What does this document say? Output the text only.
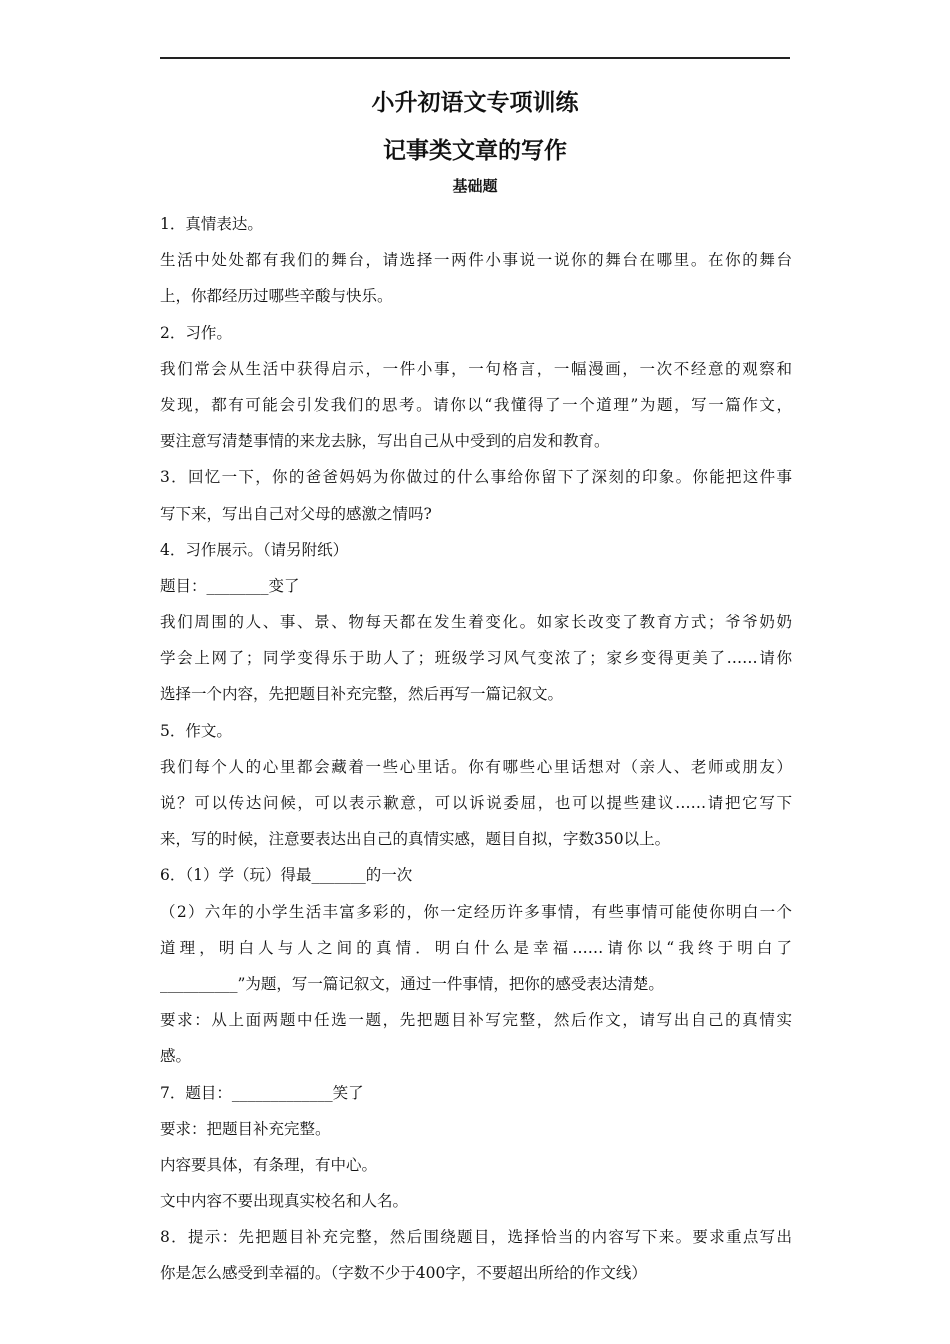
小升初语文专项训练
记事类文章的写作
基础题
1．真情表达。
生活中处处都有我们的舞台，请选择一两件小事说一说你的舞台在哪里。在你的舞台
上，你都经历过哪些辛酸与快乐。
2．习作。
我们常会从生活中获得启示，一件小事，一句格言，一幅漫画，一次不经意的观察和
发现，都有可能会引发我们的思考。请你以“我懂得了一个道理”为题，写一篇作文，
要注意写清楚事情的来龙去脉，写出自己从中受到的启发和教育。
3．回忆一下，你的爸爸妈妈为你做过的什么事给你留下了深刻的印象。你能把这件事
写下来，写出自己对父母的感激之情吗?
4．习作展示。（请另附纸）
题目：________变了
我们周围的人、事、景、物每天都在发生着变化。如家长改变了教育方式；爷爷奶奶
学会上网了；同学变得乐于助人了；班级学习风气变浓了；家乡变得更美了……请你
选择一个内容，先把题目补充完整，然后再写一篇记叙文。
5．作文。
我们每个人的心里都会藏着一些心里话。你有哪些心里话想对（亲人、老师或朋友）
说？可以传达问候，可以表示歉意，可以诉说委屈，也可以提些建议……请把它写下
来，写的时候，注意要表达出自己的真情实感，题目自拟，字数350以上。
6．（1）学（玩）得最_______的一次
（2）六年的小学生活丰富多彩的，你一定经历许多事情，有些事情可能使你明白一个
道理，明白人与人之间的真情．明白什么是幸福……请你以“我终于明白了
__________”为题，写一篇记叙文，通过一件事情，把你的感受表达清楚。
要求：从上面两题中任选一题，先把题目补写完整，然后作文，请写出自己的真情实
感。
7．题目：_____________笑了
要求：把题目补充完整。
内容要具体，有条理，有中心。
文中内容不要出现真实校名和人名。
8．提示：先把题目补充完整，然后围绕题目，选择恰当的内容写下来。要求重点写出
你是怎么感受到幸福的。（字数不少于400字，不要超出所给的作文线）
